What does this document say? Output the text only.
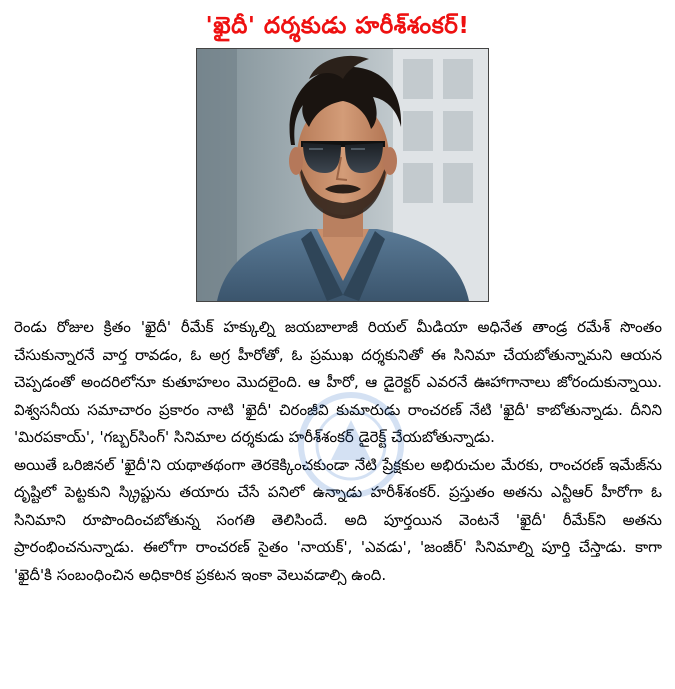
'ఖైదీ' దర్శకుడు హరీశ్‌శంకర్!

రెండు రోజుల క్రితం 'ఖైదీ' రీమేక్ హక్కుల్ని జయబాలాజీ రియల్ మీడియా అధినేత తాండ్ర రమేశ్ సొంతం చేసుకున్నారనే వార్త రావడం, ఓ అగ్ర హీరోతో, ఓ ప్రముఖ దర్శకునితో ఈ సినిమా చేయబోతున్నామని ఆయన చెప్పడంతో అందరిలోనూ కుతూహలం మొదలైంది. ఆ హీరో, ఆ డైరెక్టర్ ఎవరనే ఊహాగానాలు జోరందుకున్నాయి. విశ్వసనీయ సమాచారం ప్రకారం నాటి 'ఖైదీ' చిరంజీవి కుమారుడు రాంచరణ్ నేటి 'ఖైదీ' కాబోతున్నాడు. దీనిని 'మిరపకాయ్', 'గబ్బర్‌సింగ్' సినిమాల దర్శకుడు హరీశ్‌శంకర్ డైరెక్ట్ చేయబోతున్నాడు.

అయితే ఒరిజినల్ 'ఖైదీ'ని యథాతథంగా తెరకెక్కించకుండా నేటి ప్రేక్షకుల అభిరుచుల మేరకు, రాంచరణ్ ఇమేజ్‌ను దృష్టిలో పెట్టకుని స్క్రిప్టును తయారు చేసే పనిలో ఉన్నాడు హరీశ్‌శంకర్. ప్రస్తుతం అతను ఎన్టీఆర్ హీరోగా ఓ సినిమాని రూపొందించబోతున్న సంగతి తెలిసిందే. అది పూర్తయిన వెంటనే 'ఖైదీ' రీమేక్‌ని అతను ప్రారంభించనున్నాడు. ఈలోగా రాంచరణ్ సైతం 'నాయక్', 'ఎవడు', 'జంజీర్' సినిమాల్ని పూర్తి చేస్తాడు. కాగా 'ఖైదీ'కి సంబంధించిన అధికారిక ప్రకటన ఇంకా వెలువడాల్సి ఉంది.
